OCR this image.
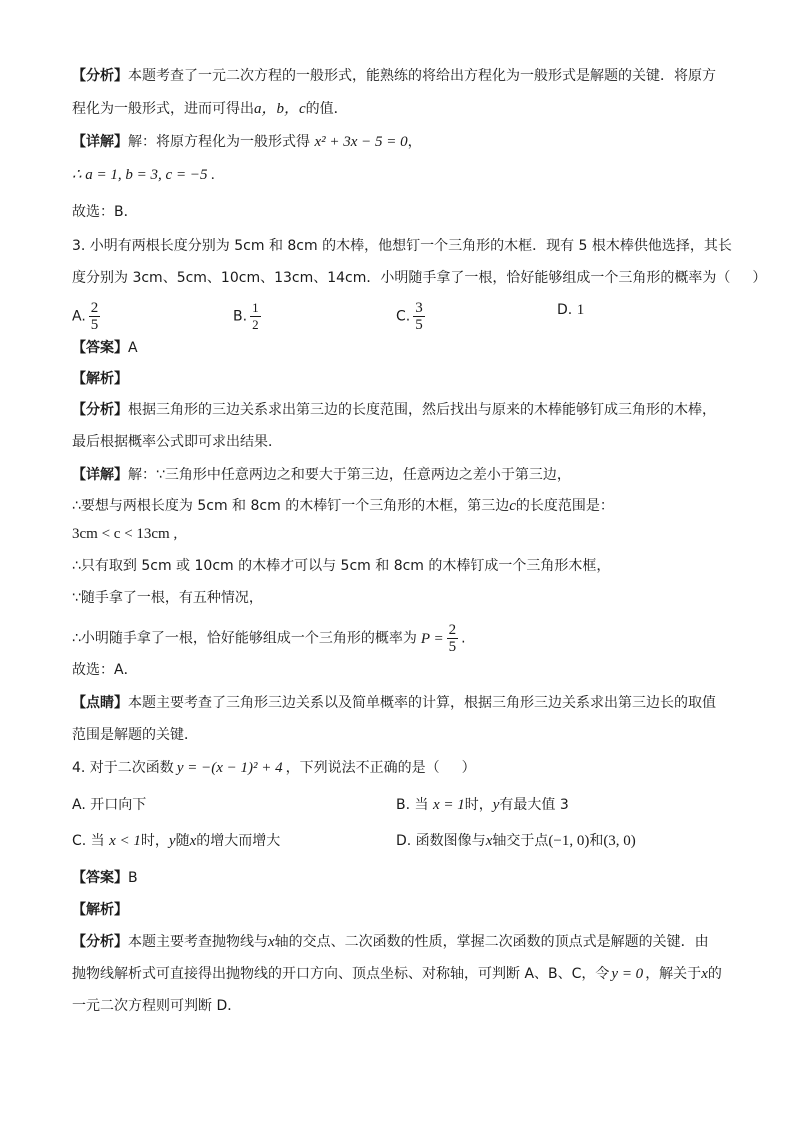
【分析】本题考查了一元二次方程的一般形式，能熟练的将给出方程化为一般形式是解题的关键．将原方
程化为一般形式，进而可得出a，b，c的值．
【详解】解：将原方程化为一般形式得 x² + 3x − 5 = 0，
∴ a = 1, b = 3, c = −5 .
故选：B．
3. 小明有两根长度分别为 5cm 和 8cm 的木棒，他想钉一个三角形的木框．现有 5 根木棒供他选择，其长
度分别为 3cm、5cm、10cm、13cm、14cm．小明随手拿了一根，恰好能够组成一个三角形的概率为（ ）
A. $\frac{2}{5}$	B. $\frac{1}{2}$	C. $\frac{3}{5}$	D. 1
【答案】A
【解析】
【分析】根据三角形的三边关系求出第三边的长度范围，然后找出与原来的木棒能够钉成三角形的木棒，
最后根据概率公式即可求出结果．
【详解】解：∵三角形中任意两边之和要大于第三边，任意两边之差小于第三边，
∴要想与两根长度为 5cm 和 8cm 的木棒钉一个三角形的木框，第三边c的长度范围是：
3cm < c < 13cm ,
∴只有取到 5cm 或 10cm 的木棒才可以与 5cm 和 8cm 的木棒钉成一个三角形木框，
∵随手拿了一根，有五种情况，
∴小明随手拿了一根，恰好能够组成一个三角形的概率为 $P = \frac{2}{5}$ .
故选：A．
【点睛】本题主要考查了三角形三边关系以及简单概率的计算，根据三角形三边关系求出第三边长的取值
范围是解题的关键．
4. 对于二次函数 y = −(x − 1)² + 4 ，下列说法不正确的是（ ）
A. 开口向下	B. 当 x = 1时，y有最大值 3
C. 当 x < 1时，y随x的增大而增大	D. 函数图像与x轴交于点(−1, 0)和(3, 0)
【答案】B
【解析】
【分析】本题主要考查抛物线与x轴的交点、二次函数的性质，掌握二次函数的顶点式是解题的关键．由
抛物线解析式可直接得出抛物线的开口方向、顶点坐标、对称轴，可判断 A、B、C，令 y = 0 ，解关于x的
一元二次方程则可判断 D．
